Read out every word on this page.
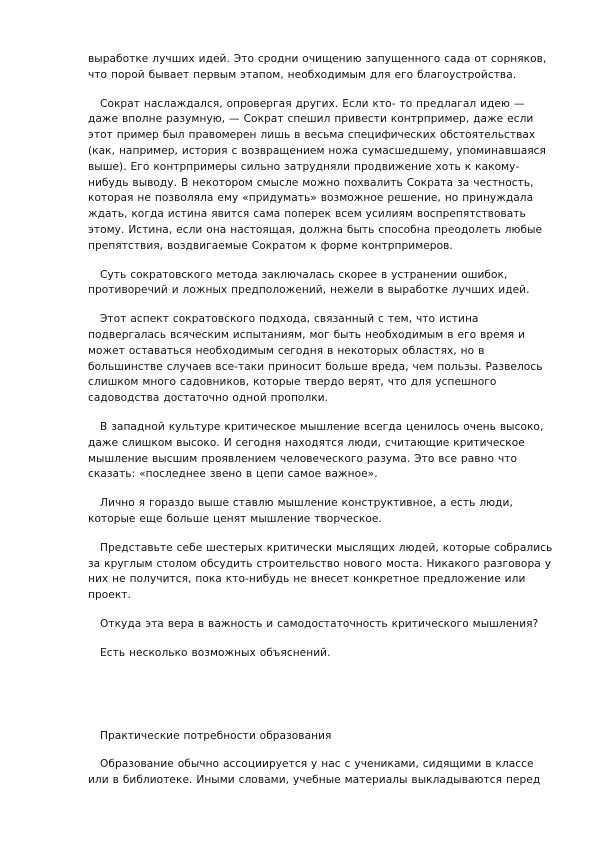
выработке лучших идей. Это сродни очищению запущенного сада от сорняков, что порой бывает первым этапом, необходимым для его благоустройства.

Сократ наслаждался, опровергая других. Если кто- то предлагал идею — даже вполне разумную, — Сократ спешил привести контрпример, даже если этот пример был правомерен лишь в весьма специфических обстоятельствах (как, например, история с возвращением ножа сумасшедшему, упоминавшаяся выше). Его контрпримеры сильно затрудняли продвижение хоть к какому-нибудь выводу. В некотором смысле можно похвалить Сократа за честность, которая не позволяла ему «придумать» возможное решение, но принуждала ждать, когда истина явится сама поперек всем усилиям воспрепятствовать этому. Истина, если она настоящая, должна быть способна преодолеть любые препятствия, воздвигаемые Сократом к форме контрпримеров.

Суть сократовского метода заключалась скорее в устранении ошибок, противоречий и ложных предположений, нежели в выработке лучших идей.

Этот аспект сократовского подхода, связанный с тем, что истина подвергалась всяческим испытаниям, мог быть необходимым в его время и может оставаться необходимым сегодня в некоторых областях, но в большинстве случаев все-таки приносит больше вреда, чем пользы. Развелось слишком много садовников, которые твердо верят, что для успешного садоводства достаточно одной прополки.

В западной культуре критическое мышление всегда ценилось очень высоко, даже слишком высоко. И сегодня находятся люди, считающие критическое мышление высшим проявлением человеческого разума. Это все равно что сказать: «последнее звено в цепи самое важное».

Лично я гораздо выше ставлю мышление конструктивное, а есть люди, которые еще больше ценят мышление творческое.

Представьте себе шестерых критически мыслящих людей, которые собрались за круглым столом обсудить строительство нового моста. Никакого разговора у них не получится, пока кто-нибудь не внесет конкретное предложение или проект.

Откуда эта вера в важность и самодостаточность критического мышления?

Есть несколько возможных объяснений.

Практические потребности образования

Образование обычно ассоциируется у нас с учениками, сидящими в классе или в библиотеке. Иными словами, учебные материалы выкладываются перед
